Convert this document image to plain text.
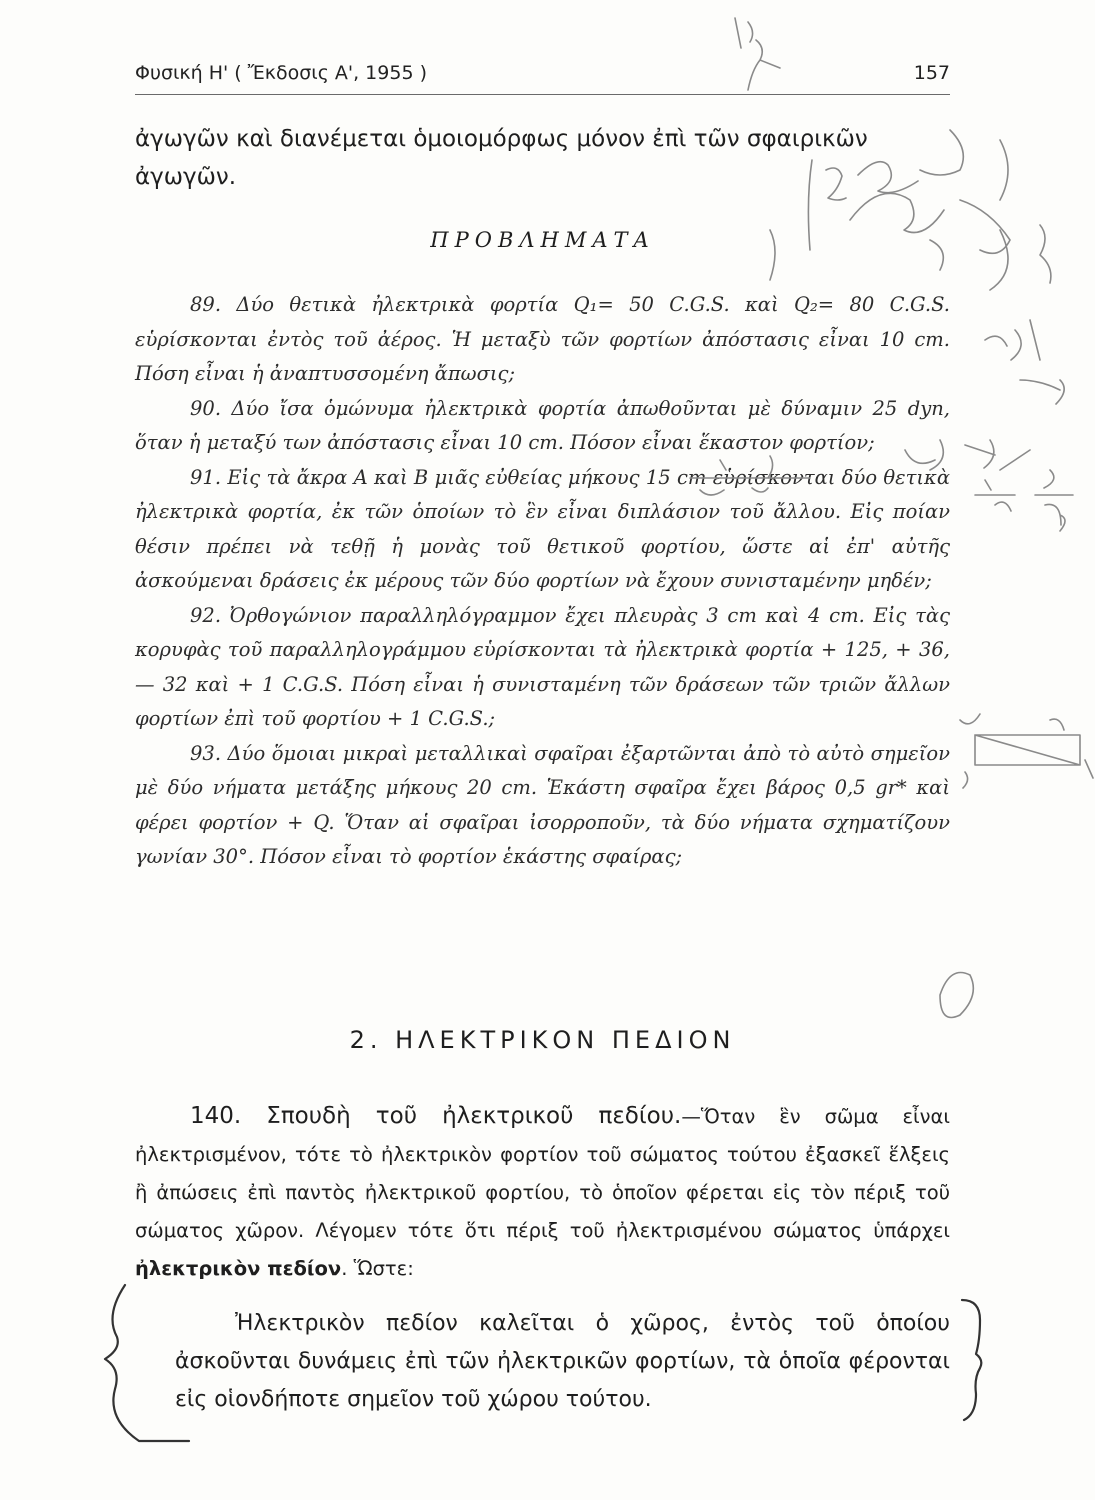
Φυσική Η' ( Ἔκδοσις Α', 1955 )	157
ἀγωγῶν καὶ διανέμεται ὁμοιομόρφως μόνον ἐπὶ τῶν σφαιρικῶν ἀγωγῶν.
ΠΡΟΒΛΗΜΑΤΑ

89. Δύο θετικὰ ἠλεκτρικὰ φορτία Q₁= 50 C.G.S. καὶ Q₂= 80 C.G.S. εὑρίσκονται ἐντὸς τοῦ ἀέρος. Ἡ μεταξὺ τῶν φορτίων ἀπόστασις εἶναι 10 cm. Πόση εἶναι ἡ ἀναπτυσσομένη ἄπωσις;

90. Δύο ἴσα ὁμώνυμα ἠλεκτρικὰ φορτία ἀπωθοῦνται μὲ δύναμιν 25 dyn, ὅταν ἡ μεταξύ των ἀπόστασις εἶναι 10 cm. Πόσον εἶναι ἕκαστον φορτίον;

91. Εἰς τὰ ἄκρα Α καὶ Β μιᾶς εὐθείας μήκους 15 cm εὑρίσκονται δύο θετικὰ ἠλεκτρικὰ φορτία, ἐκ τῶν ὁποίων τὸ ἓν εἶναι διπλάσιον τοῦ ἄλλου. Εἰς ποίαν θέσιν πρέπει νὰ τεθῇ ἡ μονὰς τοῦ θετικοῦ φορτίου, ὥστε αἱ ἐπ' αὐτῆς ἀσκούμεναι δράσεις ἐκ μέρους τῶν δύο φορτίων νὰ ἔχουν συνισταμένην μηδέν;

92. Ὀρθογώνιον παραλληλόγραμμον ἔχει πλευρὰς 3 cm καὶ 4 cm. Εἰς τὰς κορυφὰς τοῦ παραλληλογράμμου εὑρίσκονται τὰ ἠλεκτρικὰ φορτία + 125, + 36, — 32 καὶ + 1 C.G.S. Πόση εἶναι ἡ συνισταμένη τῶν δράσεων τῶν τριῶν ἄλλων φορτίων ἐπὶ τοῦ φορτίου + 1 C.G.S.;

93. Δύο ὅμοιαι μικραὶ μεταλλικαὶ σφαῖραι ἐξαρτῶνται ἀπὸ τὸ αὐτὸ σημεῖον μὲ δύο νήματα μετάξης μήκους 20 cm. Ἑκάστη σφαῖρα ἔχει βάρος 0,5 gr* καὶ φέρει φορτίον + Q. Ὅταν αἱ σφαῖραι ἰσορροποῦν, τὰ δύο νήματα σχηματίζουν γωνίαν 30°. Πόσον εἶναι τὸ φορτίον ἑκάστης σφαίρας;

2. ΗΛΕΚΤΡΙΚΟΝ ΠΕΔΙΟΝ

140. Σπουδὴ τοῦ ἠλεκτρικοῦ πεδίου.—Ὅταν ἓν σῶμα εἶναι ἠλεκτρισμένον, τότε τὸ ἠλεκτρικὸν φορτίον τοῦ σώματος τούτου ἐξασκεῖ ἕλξεις ἢ ἀπώσεις ἐπὶ παντὸς ἠλεκτρικοῦ φορτίου, τὸ ὁποῖον φέρεται εἰς τὸν πέριξ τοῦ σώματος χῶρον. Λέγομεν τότε ὅτι πέριξ τοῦ ἠλεκτρισμένου σώματος ὑπάρχει ἠλεκτρικὸν πεδίον. Ὥστε:

Ἠλεκτρικὸν πεδίον καλεῖται ὁ χῶρος, ἐντὸς τοῦ ὁποίου ἀσκοῦνται δυνάμεις ἐπὶ τῶν ἠλεκτρικῶν φορτίων, τὰ ὁποῖα φέρονται εἰς οἱονδήποτε σημεῖον τοῦ χώρου τούτου.
